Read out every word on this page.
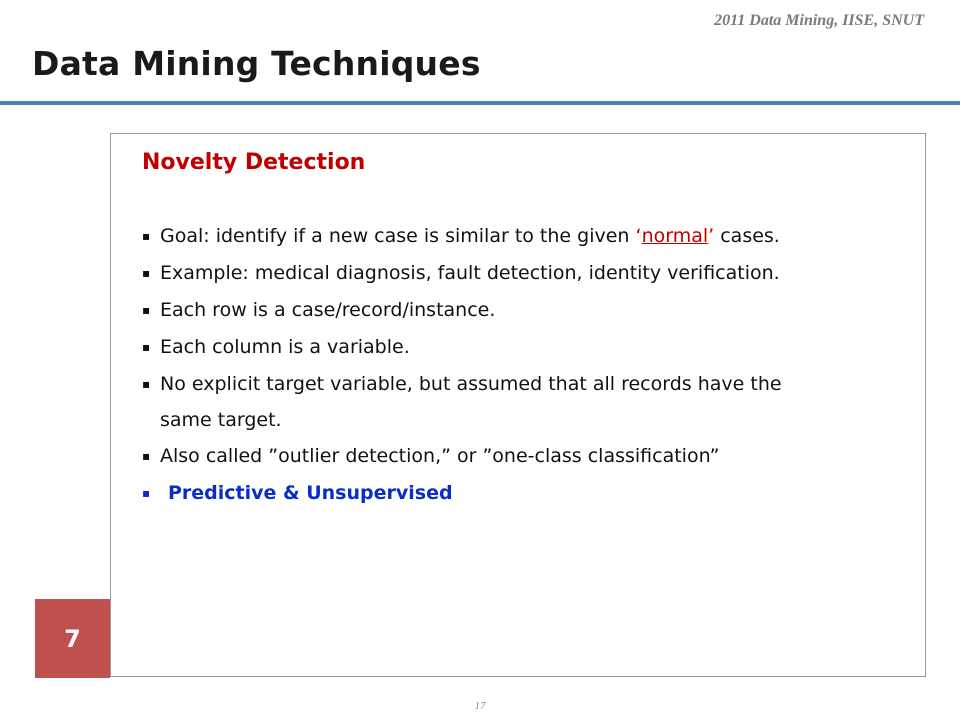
2011 Data Mining, IISE, SNUT
Data Mining Techniques
Novelty Detection
▪ Goal: identify if a new case is similar to the given ‘normal’ cases.
▪ Example: medical diagnosis, fault detection, identity verification.
▪ Each row is a case/record/instance.
▪ Each column is a variable.
▪ No explicit target variable, but assumed that all records have the
same target.
▪ Also called ”outlier detection,” or ”one-class classification”
▪ Predictive & Unsupervised
7
17
